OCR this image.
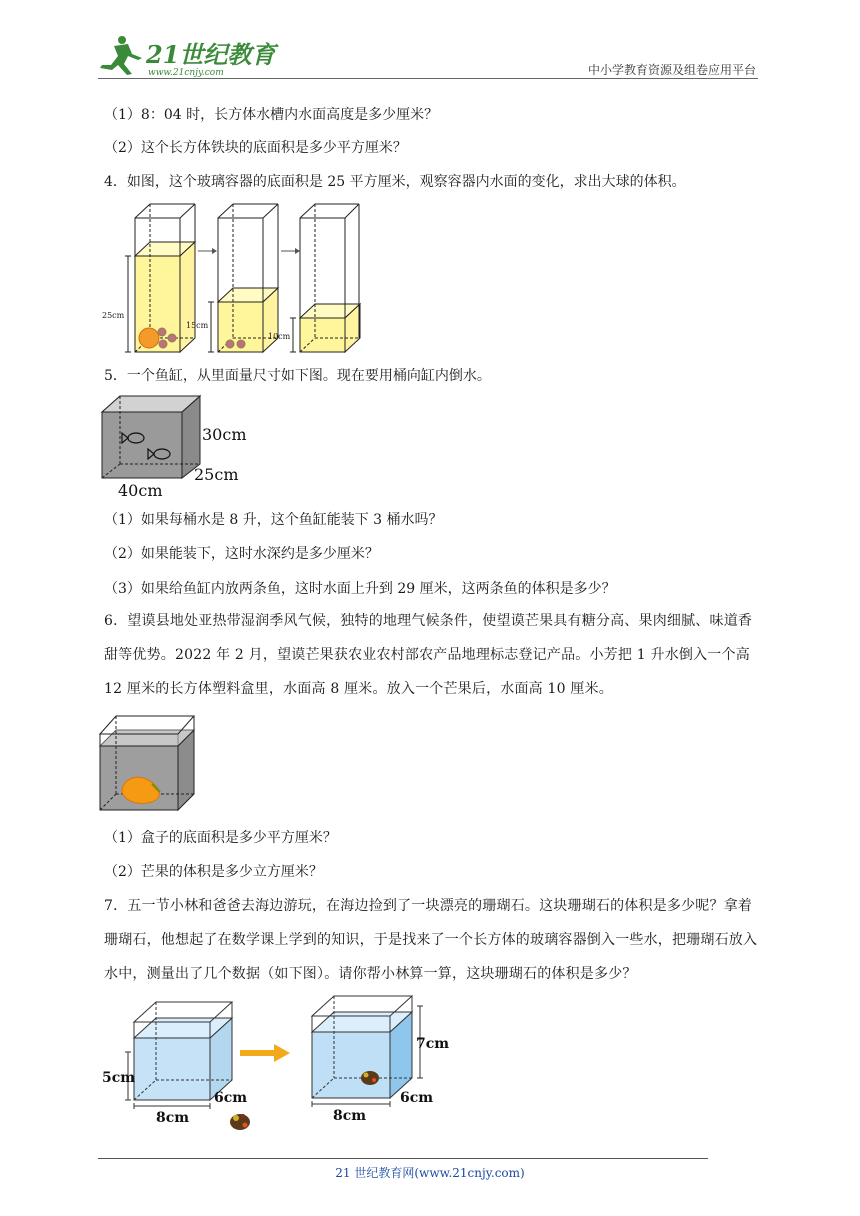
21世纪教育
www.21cnjy.com	中小学教育资源及组卷应用平台
（1）8：04 时，长方体水槽内水面高度是多少厘米？
（2）这个长方体铁块的底面积是多少平方厘米？
4．如图，这个玻璃容器的底面积是 25 平方厘米，观察容器内水面的变化，求出大球的体积。
25cm
15cm
10cm
5．一个鱼缸，从里面量尺寸如下图。现在要用桶向缸内倒水。
30cm
25cm
40cm
（1）如果每桶水是 8 升，这个鱼缸能装下 3 桶水吗？
（2）如果能装下，这时水深约是多少厘米？
（3）如果给鱼缸内放两条鱼，这时水面上升到 29 厘米，这两条鱼的体积是多少？
6．望谟县地处亚热带湿润季风气候，独特的地理气候条件，使望谟芒果具有糖分高、果肉细腻、味道香甜等优势。2022 年 2 月，望谟芒果获农业农村部农产品地理标志登记产品。小芳把 1 升水倒入一个高 12 厘米的长方体塑料盒里，水面高 8 厘米。放入一个芒果后，水面高 10 厘米。
（1）盒子的底面积是多少平方厘米？
（2）芒果的体积是多少立方厘米？
7．五一节小林和爸爸去海边游玩，在海边捡到了一块漂亮的珊瑚石。这块珊瑚石的体积是多少呢？拿着珊瑚石，他想起了在数学课上学到的知识，于是找来了一个长方体的玻璃容器倒入一些水，把珊瑚石放入水中，测量出了几个数据（如下图）。请你帮小林算一算，这块珊瑚石的体积是多少？
5cm
8cm
6cm
7cm
8cm
6cm
21 世纪教育网(www.21cnjy.com)
